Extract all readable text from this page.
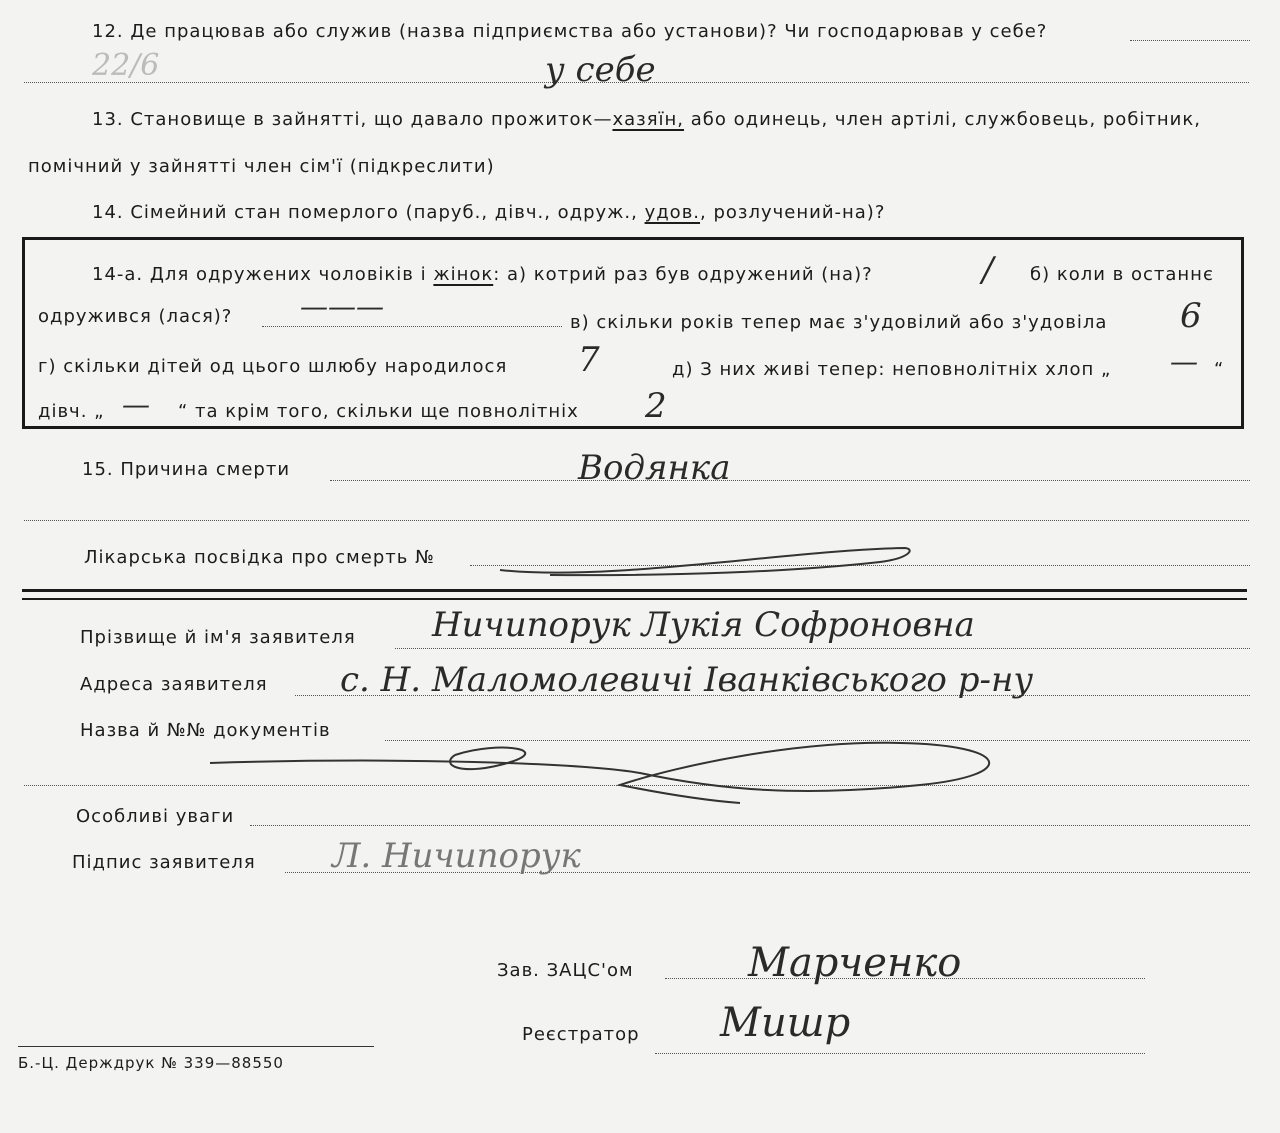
12. Де працював або служив (назва підприємства або установи)? Чи господарював у себе?
22/6	у себе
13. Становище в зайнятті, що давало прожиток—хазяїн, або одинець, член артілі, службовець, робітник,
помічний у зайнятті член сім'ї (підкреслити)
14. Сімейний стан померлого (паруб., дівч., одруж., удов., розлучений-на)?
14-а. Для одружених чоловіків і жінок: а) котрий раз був одружений (на)?	/ б) коли в останнє
одружився (лася)? ———	в) скільки років тепер має з'удовілий або з'удовіла 6
г) скільки дітей од цього шлюбу народилося 7	д) З них живі тепер: неповнолітніх хлоп „ — “
дівч. „ — “ та крім того, скільки ще повнолітніх 2
15. Причина смерти	Водянка
Лікарська посвідка про смерть №
Прізвище й ім'я заявителя Ничипорук Лукія Софроновна
Адреса заявителя с. Н. Маломолевичі Іванківського р-ну
Назва й №№ документів
Особливі уваги
Підпис заявителя Л. Ничипорук
Зав. ЗАЦС'ом	Марченко
Реєстратор Мишр
Б.-Ц. Держдрук № 339—88550
